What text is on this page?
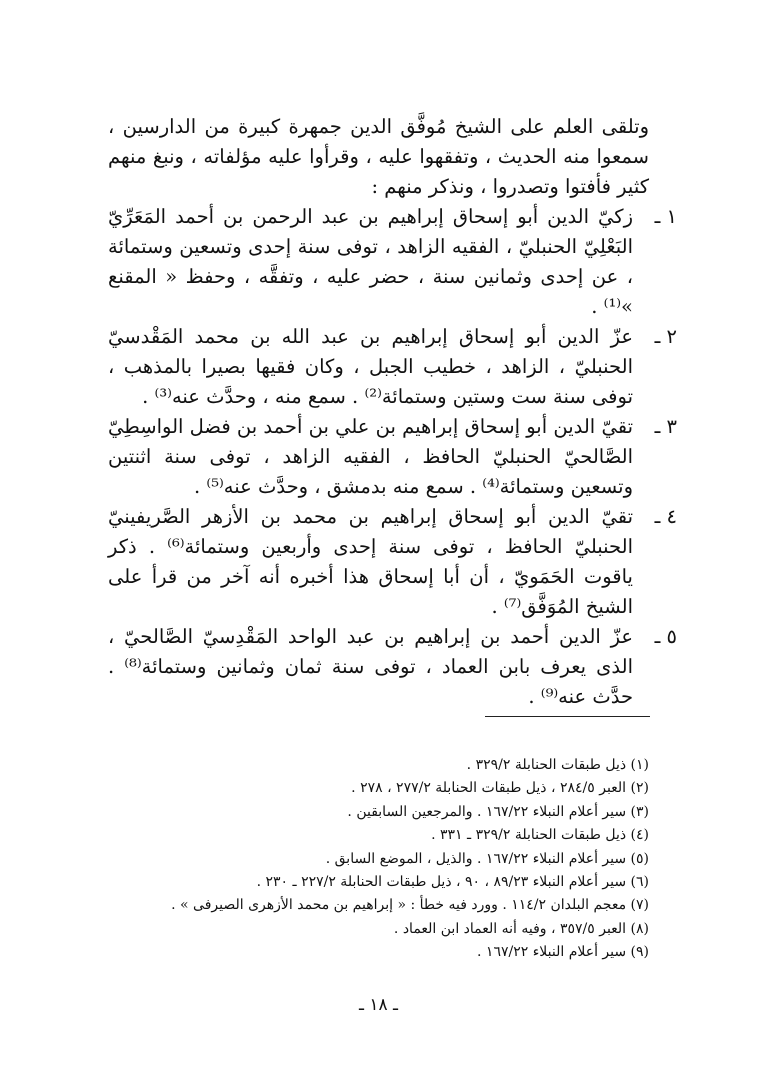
وتلقى العلم على الشيخ مُوفَّق الدين جمهرة كبيرة من الدارسين ، سمعوا منه الحديث ، وتفقهوا عليه ، وقرأوا عليه مؤلفاته ، ونبغ منهم كثير فأفتوا وتصدروا ، ونذكر منهم :

١ ـ
زكيّ الدين أبو إسحاق إبراهيم بن عبد الرحمن بن أحمد المَعَرِّيّ البَعْلِيّ الحنبليّ ، الفقيه الزاهد ، توفى سنة إحدى وتسعين وستمائة ، عن إحدى وثمانين سنة ، حضر عليه ، وتفقَّه ، وحفظ « المقنع »⁽¹⁾ .
٢ ـ
عزّ الدين أبو إسحاق إبراهيم بن عبد الله بن محمد المَقْدسيّ الحنبليّ ، الزاهد ، خطيب الجبل ، وكان فقيها بصيرا بالمذهب ، توفى سنة ست وستين وستمائة⁽²⁾ . سمع منه ، وحدَّث عنه⁽³⁾ .
٣ ـ
تقيّ الدين أبو إسحاق إبراهيم بن علي بن أحمد بن فضل الواسِطِيّ الصَّالحيّ الحنبليّ الحافظ ، الفقيه الزاهد ، توفى سنة اثنتين وتسعين وستمائة⁽⁴⁾ . سمع منه بدمشق ، وحدَّث عنه⁽⁵⁾ .
٤ ـ
تقيّ الدين أبو إسحاق إبراهيم بن محمد بن الأزهر الصَّريفينيّ الحنبليّ الحافظ ، توفى سنة إحدى وأربعين وستمائة⁽⁶⁾ . ذكر ياقوت الحَمَويّ ، أن أبا إسحاق هذا أخبره أنه آخر من قرأ على الشيخ المُوَفَّق⁽⁷⁾ .
٥ ـ
عزّ الدين أحمد بن إبراهيم بن عبد الواحد المَقْدِسيّ الصَّالحيّ ، الذى يعرف بابن العماد ، توفى سنة ثمان وثمانين وستمائة⁽⁸⁾ . حدَّث عنه⁽⁹⁾ .
(١) ذيل طبقات الحنابلة ٣٢٩/٢ .
(٢) العبر ٢٨٤/٥ ، ذيل طبقات الحنابلة ٢٧٧/٢ ، ٢٧٨ .
(٣) سير أعلام النبلاء ١٦٧/٢٢ . والمرجعين السابقين .
(٤) ذيل طبقات الحنابلة ٣٢٩/٢ ـ ٣٣١ .
(٥) سير أعلام النبلاء ١٦٧/٢٢ . والذيل ، الموضع السابق .
(٦) سير أعلام النبلاء ٨٩/٢٣ ، ٩٠ ، ذيل طبقات الحنابلة ٢٢٧/٢ ـ ٢٣٠ .
(٧) معجم البلدان ١١٤/٢ . وورد فيه خطأ : « إبراهيم بن محمد الأزهرى الصيرفى » .
(٨) العبر ٣٥٧/٥ ، وفيه أنه العماد ابن العماد .
(٩) سير أعلام النبلاء ١٦٧/٢٢ .
ـ ١٨ ـ
